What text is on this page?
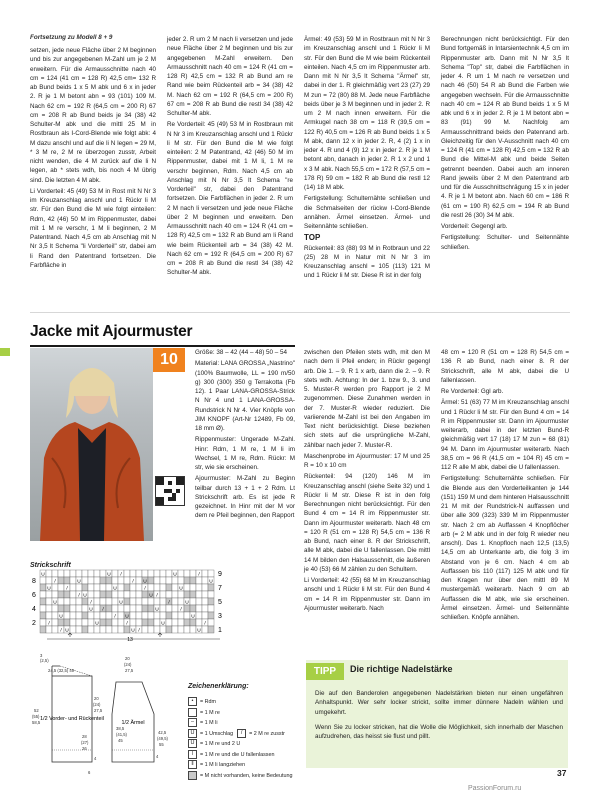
Fortsetzung zu Modell 8 + 9

setzen, jede neue Fläche über 2 M beginnen und bis zur angegebenen M-Zahl um je 2 M erweitern. Für die Armausschnitte nach 40 cm = 124 (41 cm = 128 R) 42,5 cm= 132 R ab Bund beids 1 x 5 M abk und 6 x in jeder 2. R je 1 M betont abn = 93 (101) 109 M. Nach 62 cm = 192 R (64,5 cm = 200 R) 67 cm = 208 R ab Bund beids je 34 (38) 42 Schulter-M abk und die mittl 25 M in Rostbraun als I-Cord-Blende wie folgt abk: 4 M dazu anschl und auf die li N legen = 29 M, * 3 M re, 2 M re überzogen zusstr, Arbeit nicht wenden, die 4 M zurück auf die li N legen, ab * stets wdh, bis noch 4 M übrig sind. Die letzten 4 M abk.

Li Vorderteil: 45 (49) 53 M in Rost mit N Nr 3 im Kreuzanschlag anschl und 1 Rückr li M str. Für den Bund die M wie folgt einteilen: Rdm, 42 (46) 50 M im Rippenmuster, dabei mit 1 M re verschr, 1 M li beginnen, 2 M Patentrand. Nach 4,5 cm ab Anschlag mit N Nr 3,5 lt Schema "li Vorderteil" str, dabei am li Rand den Patentrand fortsetzen. Die Farbfläche in

jeder 2. R um 2 M nach li versetzen und jede neue Fläche über 2 M beginnen und bis zur angegebenen M-Zahl erweitern. Den Armausschnitt nach 40 cm = 124 R (41 cm = 128 R) 42,5 cm = 132 R ab Bund am re Rand wie beim Rückenteil arb = 34 (38) 42 M. Nach 62 cm = 192 R (64,5 cm = 200 R) 67 cm = 208 R ab Bund die restl 34 (38) 42 Schulter-M abk.

Re Vorderteil: 45 (49) 53 M in Rostbraun mit N Nr 3 im Kreuzanschlag anschl und 1 Rückr li M str. Für den Bund die M wie folgt einteilen: 2 M Patentrand, 42 (46) 50 M im Rippenmuster, dabei mit 1 M li, 1 M re verschr beginnen, Rdm. Nach 4,5 cm ab Anschlag mit N Nr 3,5 lt Schema "re Vorderteil" str, dabei den Patentrand fortsetzen. Die Farbflächen in jeder 2. R um 2 M nach li versetzen und jede neue Fläche über 2 M beginnen und erweitern. Den Armausschnitt nach 40 cm = 124 R (41 cm = 128 R) 42,5 cm = 132 R ab Bund am li Rand wie beim Rückenteil arb = 34 (38) 42 M. Nach 62 cm = 192 R (64,5 cm = 200 R) 67 cm = 208 R ab Bund die restl 34 (38) 42 Schulter-M abk.

Ärmel: 49 (53) 59 M in Rostbraun mit N Nr 3 im Kreuzanschlag anschl und 1 Rückr li M str. Für den Bund die M wie beim Rückenteil einteilen. Nach 4,5 cm im Rippenmuster arb. Dann mit N Nr 3,5 lt Schema "Ärmel" str, dabei in der 1. R gleichmäßig vert 23 (27) 29 M zun = 72 (80) 88 M. Jede neue Farbfläche beids über je 3 M beginnen und in jeder 2. R um 2 M nach innen erweitern. Für die Armkugel nach 38 cm = 118 R (39,5 cm = 122 R) 40,5 cm = 126 R ab Bund beids 1 x 5 M abk, dann 12 x in jeder 2. R, 4 (2) 1 x in jeder 4. R und 4 (9) 12 x in jeder 2. R je 1 M betont abn, danach in jeder 2. R 1 x 2 und 1 x 3 M abk. Nach 55,5 cm = 172 R (57,5 cm = 178 R) 59 cm = 182 R ab Bund die restl 12 (14) 18 M abk.

Fertigstellung: Schulternähte schließen und die Schmalseiten der rückw I-Cord-Blende annähen. Ärmel einsetzen. Ärmel- und Seitennähte schließen.

TOP

Rückenteil: 83 (88) 93 M in Rotbraun und 22 (25) 28 M in Natur mit N Nr 3 im Kreuzanschlag anschl = 105 (113) 121 M und 1 Rückr li M str. Diese R ist in der folg

Berechnungen nicht berücksichtigt. Für den Bund fortgemäß in Intarsientechnik 4,5 cm im Rippenmuster arb. Dann mit N Nr 3,5 lt Schema "Top" str, dabei die Farbflächen in jeder 4. R um 1 M nach re versetzen und nach 46 (50) 54 R ab Bund die Farben wie angegeben wechseln. Für die Armausschnitte nach 40 cm = 124 R ab Bund beids 1 x 5 M abk und 6 x in jeder 2. R je 1 M betont abn = 83 (91) 99 M. Nachfolg am Armausschnittrand beids den Patenrand arb. Gleichzeitig für den V-Ausschnitt nach 40 cm = 124 R (41 cm = 128 R) 42,5 cm = 132 R ab Bund die Mittel-M abk und beide Seiten getrennt beenden. Dabei auch am inneren Rand jeweils über 2 M den Patentrand arb und für die Ausschnittschrägung 15 x in jeder 4. R je 1 M betont abn. Nach 60 cm = 186 R (61 cm = 190 R) 62,5 cm = 194 R ab Bund die restl 26 (30) 34 M abk.

Vorderteil: Gegengl arb.

Fertigstellung: Schulter- und Seitennähte schließen.

Jacke mit Ajourmuster
10	Größe: 38 – 42 (44 – 48) 50 – 54

Material: LANA GROSSA „Nastrino" (100% Baumwolle, LL = 190 m/50 g) 300 (300) 350 g Terrakotta (Fb 12). 1 Paar LANA-GROSSA-Strick N Nr 4 und 1 LANA-GROSSA-Rundstrick N Nr 4. Vier Knöpfe von JIM KNOPF (Art-Nr 12489, Fb 09, 18 mm Ø).

Rippenmuster: Ungerade M-Zahl. Hinr: Rdm, 1 M re, 1 M li im Wechsel, 1 M re, Rdm. Rückr: M str, wie sie erscheinen.

Ajourmuster: M-Zahl zu Beginn teilbar durch 13 + 1 + 2 Rdm. Lt Strickschrift arb. Es ist jede R gezeichnet. In Hinr mit der M vor dem re Pfeil beginnen, den Rapport

zwischen den Pfeilen stets wdh, mit den M nach dem li Pfeil enden; in Rückr gegengl arb. Die 1. – 9. R 1 x arb, dann die 2. – 9. R stets wdh. Achtung: In der 1. bzw 9., 3. und 5. Muster-R werden pro Rapport je 2 M zugenommen. Diese Zunahmen werden in der 7. Muster-R wieder reduziert. Die variierende M-Zahl ist bei den Angaben im Text nicht berücksichtigt. Diese beziehen sich stets auf die ursprüngliche M-Zahl, zählbar nach jeder 7. Muster-R.

Maschenprobe im Ajourmuster: 17 M und 25 R = 10 x 10 cm

Rückenteil: 94 (120) 146 M im Kreuzanschlag anschl (siehe Seite 32) und 1 Rückr li M str. Diese R ist in den folg Berechnungen nicht berücksichtigt. Für den Bund 4 cm = 14 R im Rippenmuster str. Dann im Ajourmuster weiterarb. Nach 48 cm = 120 R (51 cm = 128 R) 54,5 cm = 136 R ab Bund, nach einer 8. R der Strickschrift, alle M abk, dabei die U fallenlassen. Die mittl 14 M bilden den Halsausschnitt, die äußeren je 40 (53) 66 M zählen zu den Schultern.

Li Vorderteil: 42 (55) 68 M im Kreuzanschlag anschl und 1 Rückr li M str. Für den Bund 4 cm = 14 R im Rippenmuster str. Dann im Ajourmuster weiterarb. Nach

48 cm = 120 R (51 cm = 128 R) 54,5 cm = 136 R ab Bund, nach einer 8. R der Strickschrift, alle M abk, dabei die U fallenlassen.

Re Vorderteil: Ggl arb.

Ärmel: 51 (63) 77 M im Kreuzanschlag anschl und 1 Rückr li M str. Für den Bund 4 cm = 14 R im Rippenmuster str. Dann im Ajourmuster weiterarb, dabei in der letzten Bund-R gleichmäßig vert 17 (18) 17 M zun = 68 (81) 94 M. Dann im Ajourmuster weiterarb. Nach 38,5 cm = 96 R (41,5 cm = 104 R) 45 cm = 112 R alle M abk, dabei die U fallenlassen.

Fertigstellung: Schulternähte schließen. Für die Blende aus den Vorderteilkanten je 144 (151) 159 M und dem hinteren Halsausschnitt 21 M mit der Rundstrick-N auffassen und über alle 309 (323) 339 M im Rippenmuster str. Nach 2 cm ab Auffassen 4 Knopflöcher arb (= 2 M abk und in der folg R wieder neu anschl). Das 1. Knopfloch nach 12,5 (13,5) 14,5 cm ab Unterkante arb, die folg 3 im Abstand von je 6 cm. Nach 4 cm ab Auffassen bis 110 (117) 125 M abk und für den Kragen nur über den mittl 89 M mustergemäß weiterarb. Nach 9 cm ab Auffassen die M abk, wie sie erscheinen. Ärmel einsetzen. Ärmel- und Seitennähte schließen. Knöpfe annähen.

Strickschrift
U	U /	U	/
/	U	/ U	U
U	/	U	/	U
/ U	U /
U	/	U	/	U
U /	U	/
U	/ U	U
/	U	/	U	/
/ U	U /	U
8
6
4
2
9
7
5
3
1
13
1/2 Vorder- und Rückenteil
1/2 Ärmel
3
(2,5)
24,5 (32,5) 40
52
(55)
58,5
20
(24)
27,5
28
(27)
26
4
20
(24)
27,5
38,5
(41,5)
45
42,5
(49,5)
55
4
6
Zeichenerklärung:
• = Rdm
= 1 M re
– = 1 M li
U = 1 Umschlag / = 2 M re zusstr
Ü = 1 M re und 2 U
ǀ = 1 M re und die U fallenlassen
‖ = 1 M li langziehen
= M nicht vorhanden, keine Bedeutung
TIPP	Die richtige Nadelstärke

Die auf den Banderolen angegebenen Nadelstärken bieten nur einen ungefähren Anhaltspunkt. Wer sehr locker strickt, sollte immer dünnere Nadeln wählen und umgekehrt.

Wenn Sie zu locker stricken, hat die Wolle die Möglichkeit, sich innerhalb der Maschen aufzudrehen, das heisst sie flust und pillt.

37
PassionForum.ru
